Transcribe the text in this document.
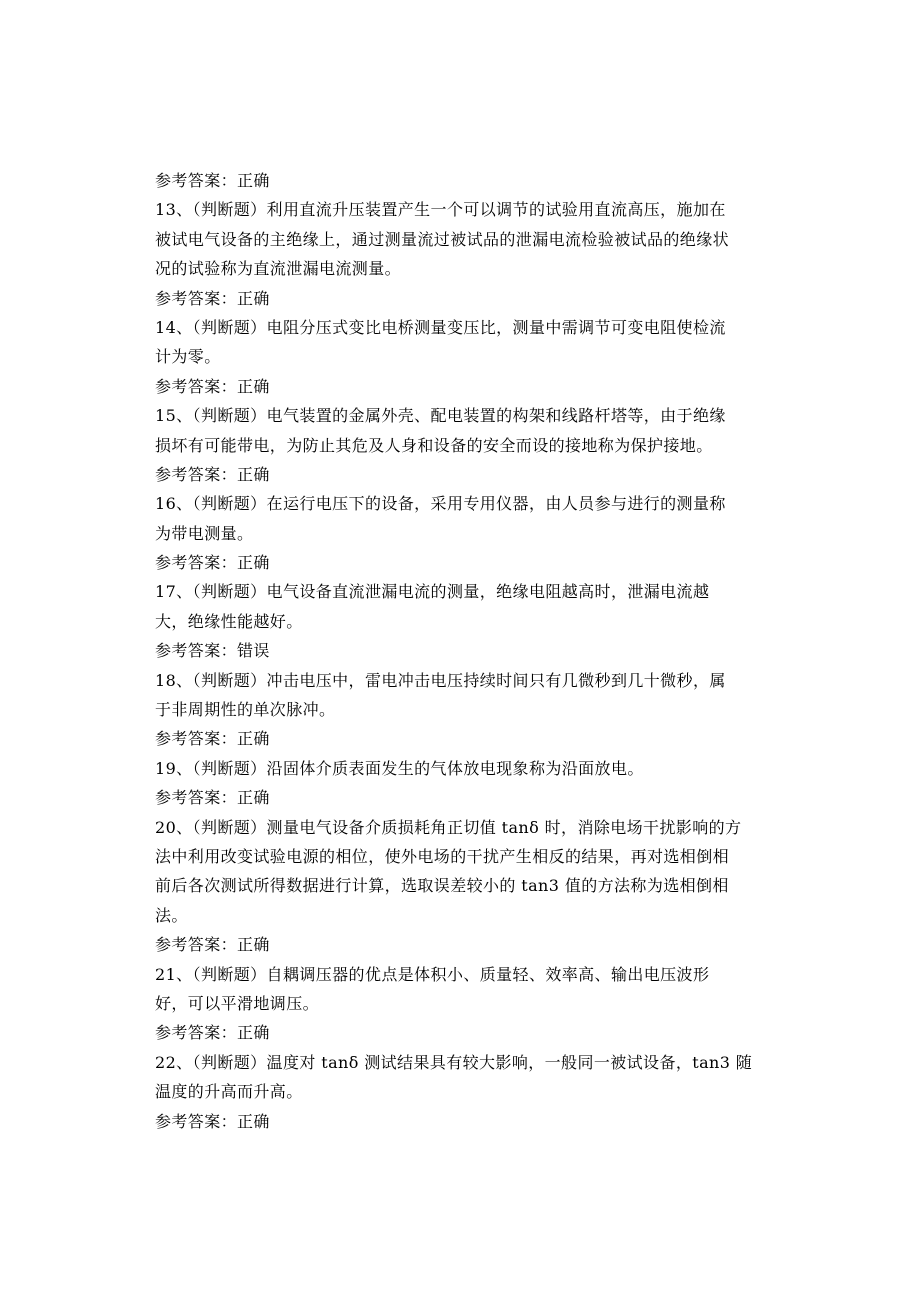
参考答案：正确
13、（判断题）利用直流升压装置产生一个可以调节的试验用直流高压，施加在
被试电气设备的主绝缘上，通过测量流过被试品的泄漏电流检验被试品的绝缘状
况的试验称为直流泄漏电流测量。
参考答案：正确
14、（判断题）电阻分压式变比电桥测量变压比，测量中需调节可变电阻使检流
计为零。
参考答案：正确
15、（判断题）电气装置的金属外壳、配电装置的构架和线路杆塔等，由于绝缘
损坏有可能带电，为防止其危及人身和设备的安全而设的接地称为保护接地。
参考答案：正确
16、（判断题）在运行电压下的设备，采用专用仪器，由人员参与进行的测量称
为带电测量。
参考答案：正确
17、（判断题）电气设备直流泄漏电流的测量，绝缘电阻越高时，泄漏电流越
大，绝缘性能越好。
参考答案：错误
18、（判断题）冲击电压中，雷电冲击电压持续时间只有几微秒到几十微秒，属
于非周期性的单次脉冲。
参考答案：正确
19、（判断题）沿固体介质表面发生的气体放电现象称为沿面放电。
参考答案：正确
20、（判断题）测量电气设备介质损耗角正切值 tanδ 时，消除电场干扰影响的方
法中利用改变试验电源的相位，使外电场的干扰产生相反的结果，再对选相倒相
前后各次测试所得数据进行计算，选取误差较小的 tan3 值的方法称为选相倒相
法。
参考答案：正确
21、（判断题）自耦调压器的优点是体积小、质量轻、效率高、输出电压波形
好，可以平滑地调压。
参考答案：正确
22、（判断题）温度对 tanδ 测试结果具有较大影响，一般同一被试设备，tan3 随
温度的升高而升高。
参考答案：正确
